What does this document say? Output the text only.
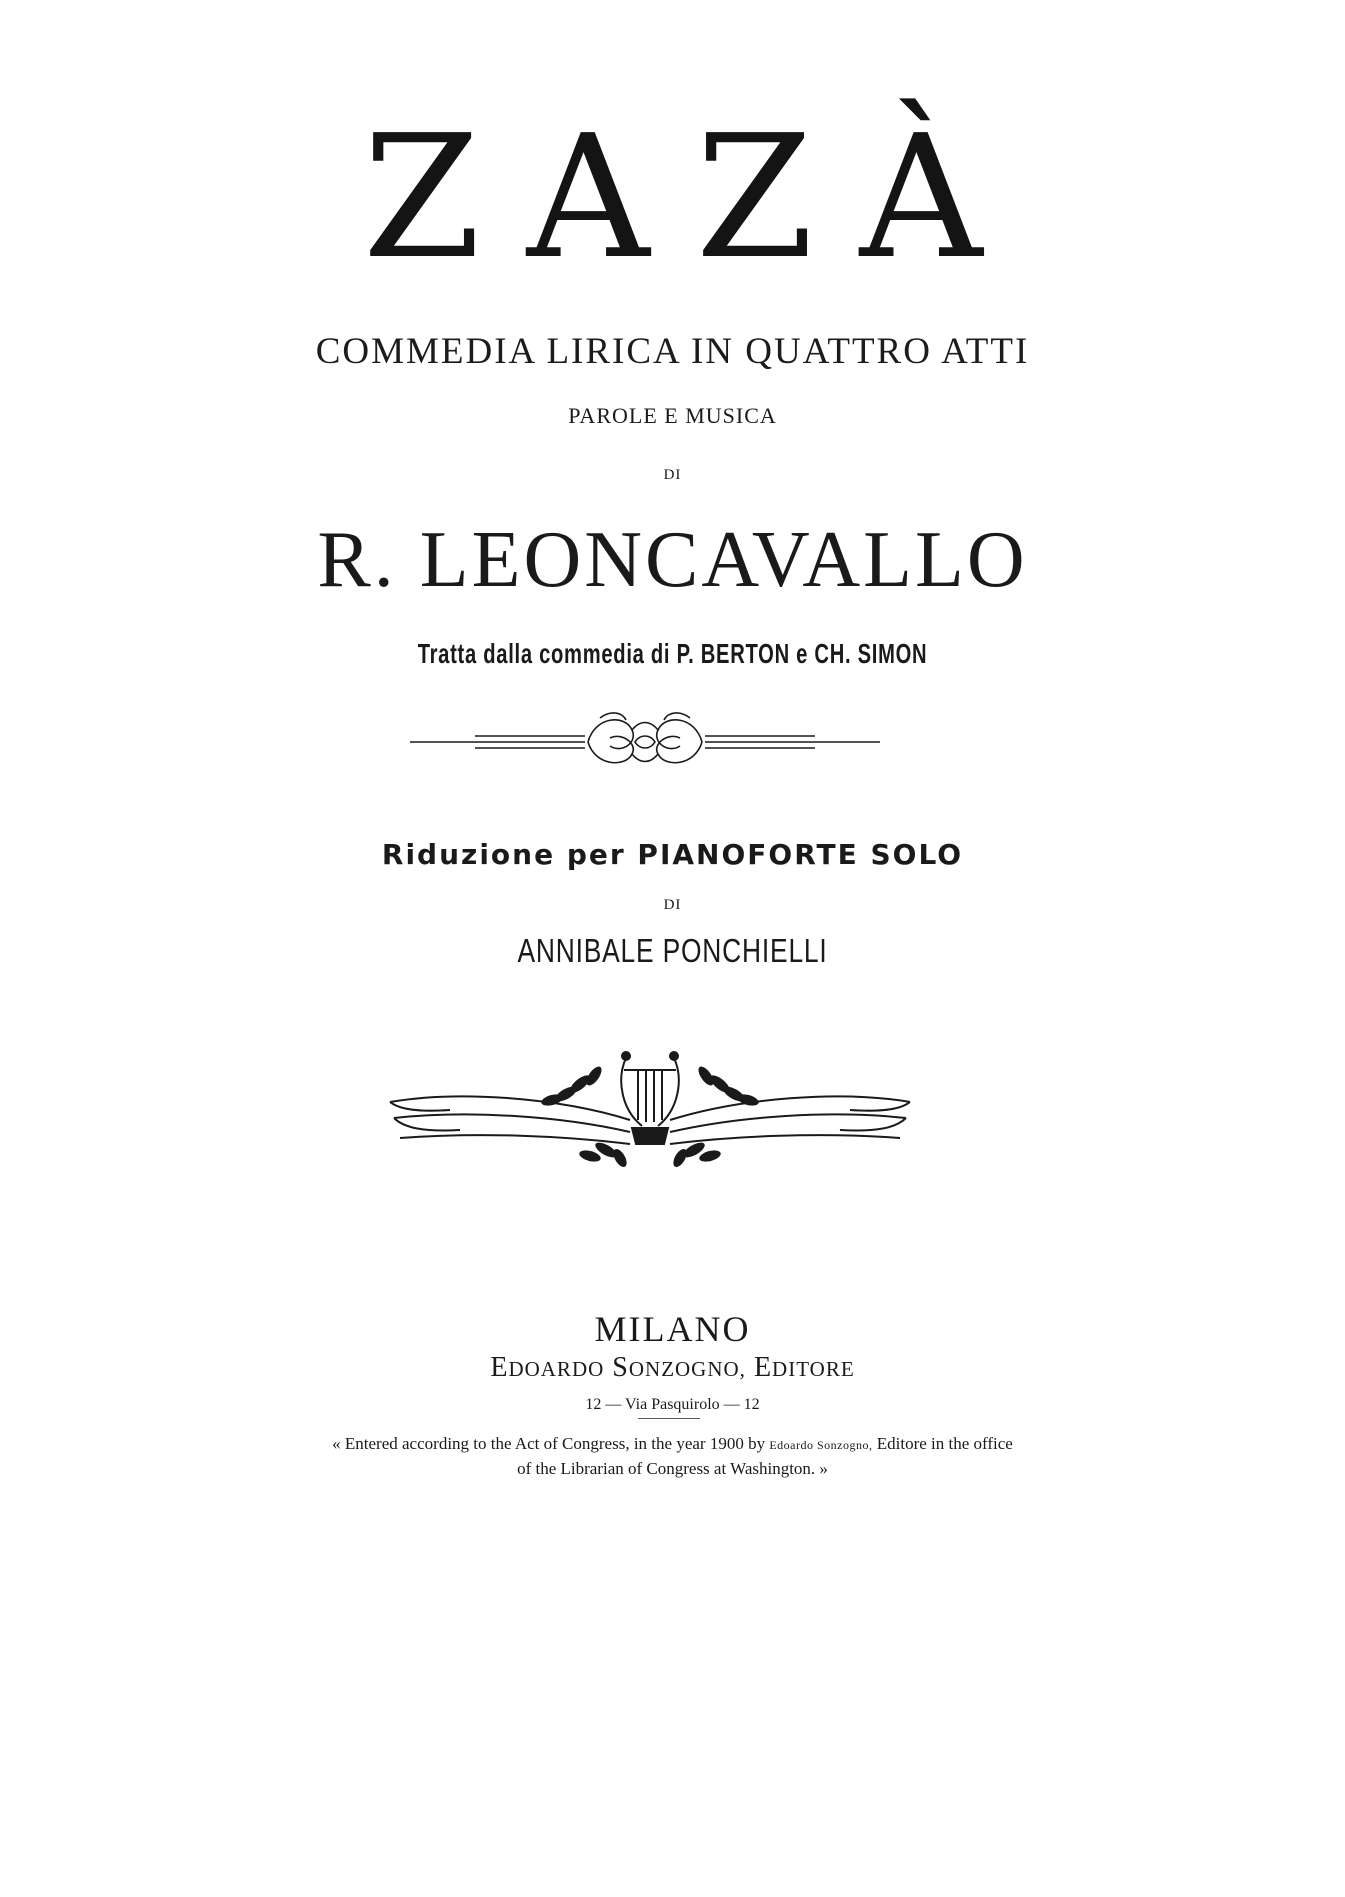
ZAZÀ
COMMEDIA LIRICA IN QUATTRO ATTI
PAROLE E MUSICA
DI
R. LEONCAVALLO
Tratta dalla commedia di P. BERTON e CH. SIMON
Riduzione per PIANOFORTE SOLO
DI
ANNIBALE PONCHIELLI
MILANO
EDOARDO SONZOGNO, EDITORE
12 — Via Pasquirolo — 12
« Entered according to the Act of Congress, in the year 1900 by Edoardo Sonzogno, Editore in the office
of the Librarian of Congress at Washington. »
